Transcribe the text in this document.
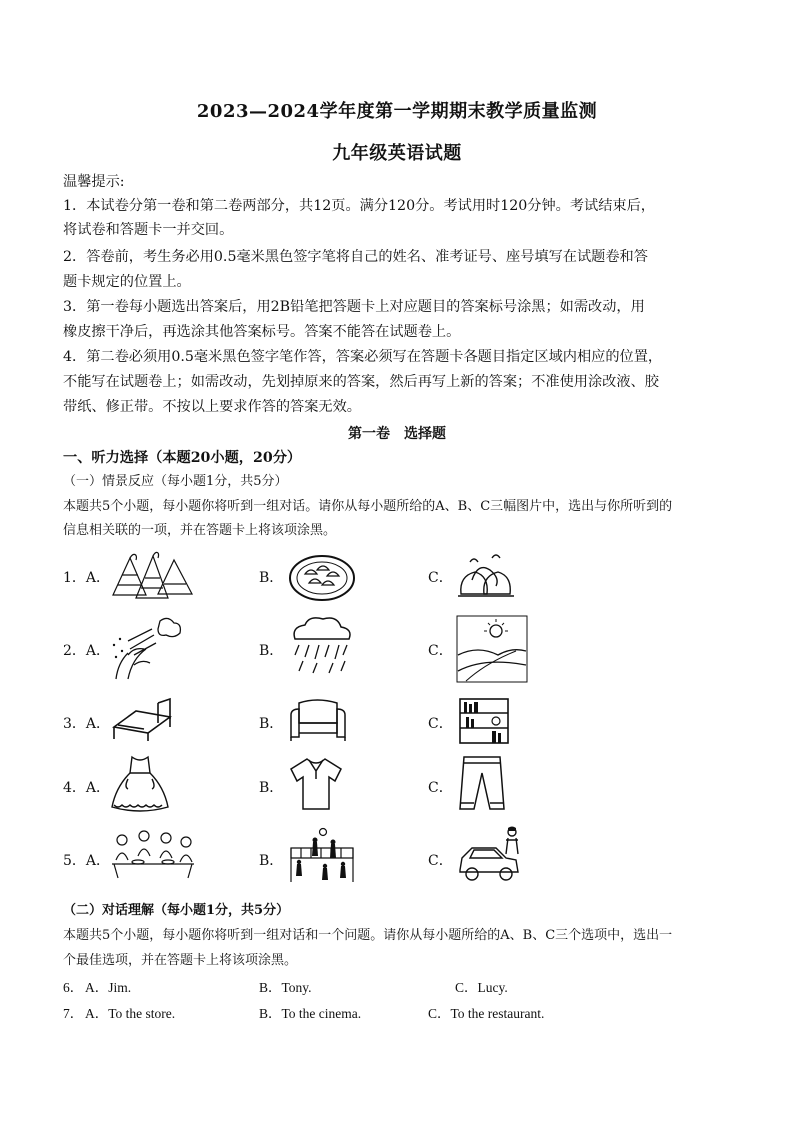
2023—2024学年度第一学期期末教学质量监测
九年级英语试题
温馨提示:
1．本试卷分第一卷和第二卷两部分，共12页。满分120分。考试用时120分钟。考试结束后，
将试卷和答题卡一并交回。
2．答卷前，考生务必用0.5毫米黑色签字笔将自己的姓名、准考证号、座号填写在试题卷和答
题卡规定的位置上。
3．第一卷每小题选出答案后，用2B铅笔把答题卡上对应题目的答案标号涂黑；如需改动，用
橡皮擦干净后，再选涂其他答案标号。答案不能答在试题卷上。
4．第二卷必须用0.5毫米黑色签字笔作答，答案必须写在答题卡各题目指定区域内相应的位置，
不能写在试题卷上；如需改动，先划掉原来的答案，然后再写上新的答案；不准使用涂改液、胶
带纸、修正带。不按以上要求作答的答案无效。
第一卷　选择题
一、听力选择（本题20小题，20分）
（一）情景反应（每小题1分，共5分）
本题共5个小题，每小题你将听到一组对话。请你从每小题所给的A、B、C三幅图片中，选出与你所听到的
信息相关联的一项，并在答题卡上将该项涂黑。
1．A．	B．	C．
2．A．	B．	C．
3．A．	B．	C．
4．A．	B．	C．
5．A．	B．	C．
（二）对话理解（每小题1分，共5分）
本题共5个小题，每小题你将听到一组对话和一个问题。请你从每小题所给的A、B、C三个选项中，选出一
个最佳选项，并在答题卡上将该项涂黑。
6． A．Jim.	B．Tony.	C．Lucy.
7． A．To the store.	B．To the cinema.	C．To the restaurant.
